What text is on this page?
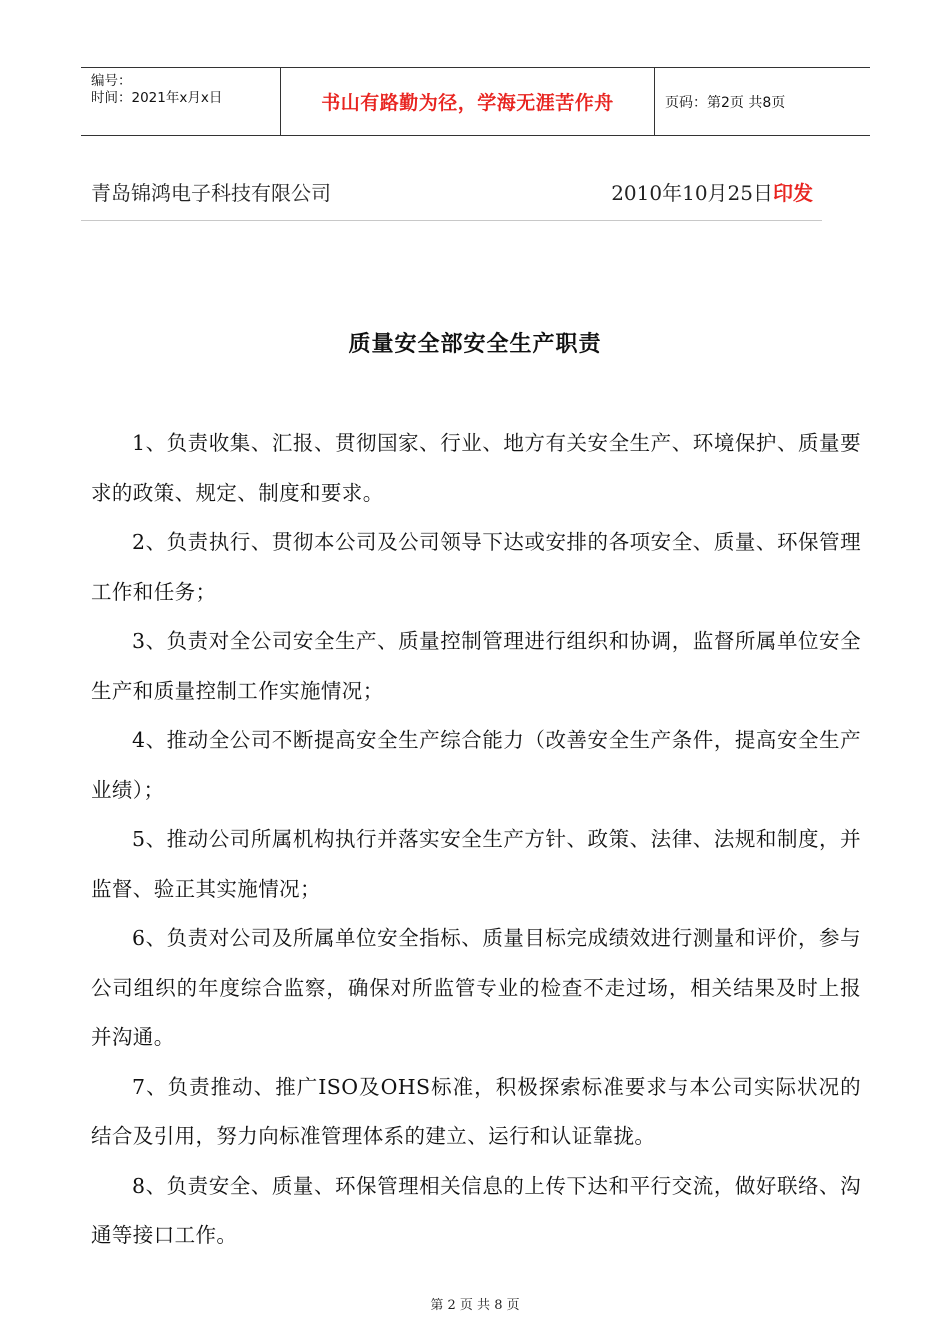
编号：
时间：2021年x月x日	书山有路勤为径，学海无涯苦作舟	页码：第2页 共8页
青岛锦鸿电子科技有限公司	2010年10月25日印发
质量安全部安全生产职责

1、负责收集、汇报、贯彻国家、行业、地方有关安全生产、环境保护、质量要求的政策、规定、制度和要求。

2、负责执行、贯彻本公司及公司领导下达或安排的各项安全、质量、环保管理工作和任务；

3、负责对全公司安全生产、质量控制管理进行组织和协调，监督所属单位安全生产和质量控制工作实施情况；

4、推动全公司不断提高安全生产综合能力（改善安全生产条件，提高安全生产业绩）；

5、推动公司所属机构执行并落实安全生产方针、政策、法律、法规和制度，并监督、验正其实施情况；

6、负责对公司及所属单位安全指标、质量目标完成绩效进行测量和评价，参与公司组织的年度综合监察，确保对所监管专业的检查不走过场，相关结果及时上报并沟通。

7、负责推动、推广ISO及OHS标准，积极探索标准要求与本公司实际状况的结合及引用，努力向标准管理体系的建立、运行和认证靠拢。

8、负责安全、质量、环保管理相关信息的上传下达和平行交流，做好联络、沟通等接口工作。

第 2 页 共 8 页
